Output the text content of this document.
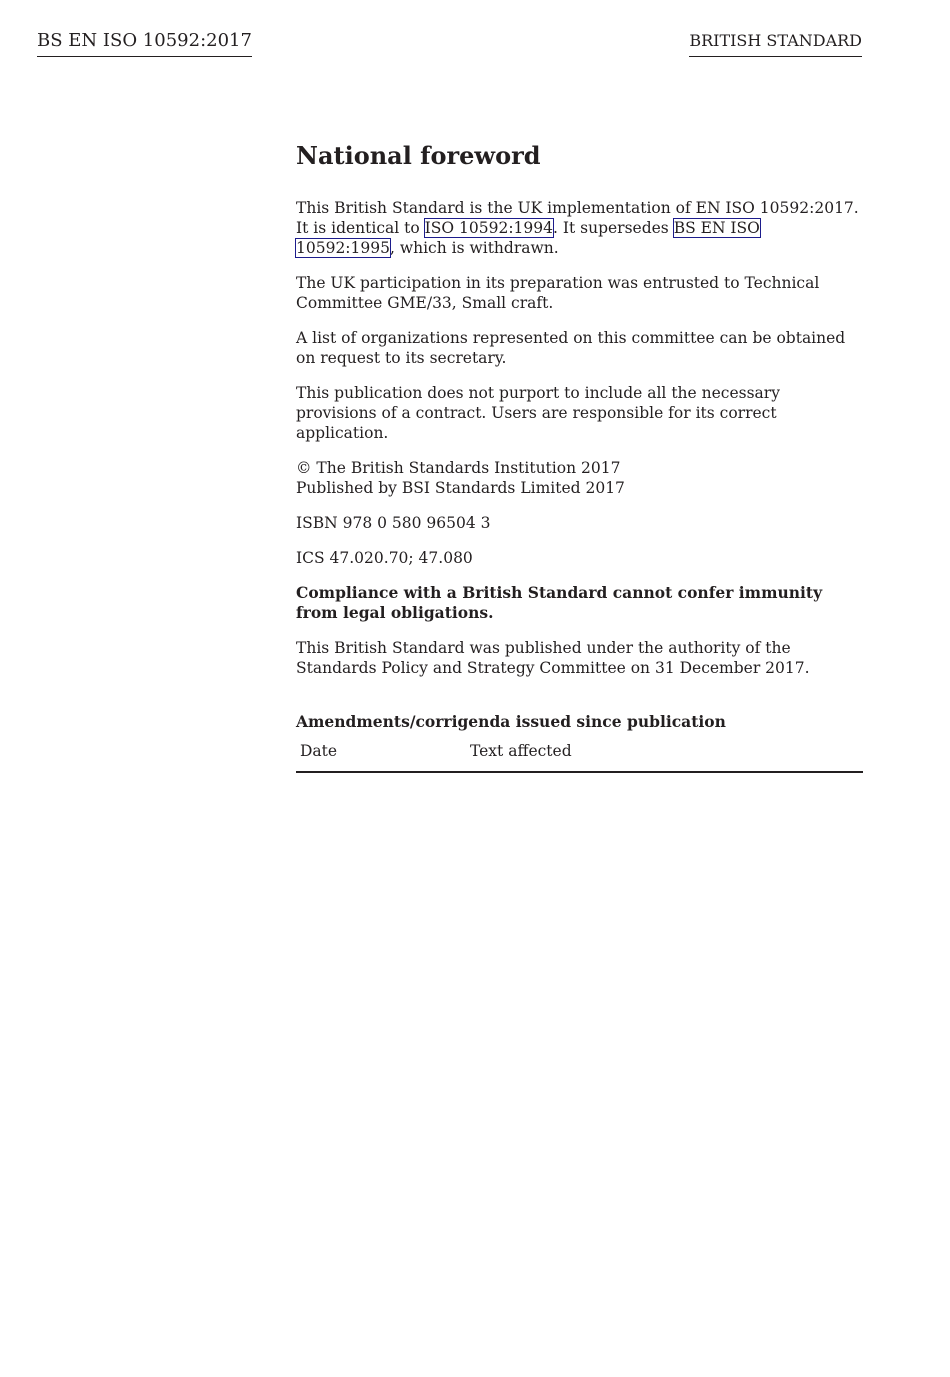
BS EN ISO 10592:2017	BRITISH STANDARD
National foreword

This British Standard is the UK implementation of EN ISO 10592:2017. It is identical to ISO 10592:1994. It supersedes BS EN ISO 10592:1995, which is withdrawn.

The UK participation in its preparation was entrusted to Technical Committee GME/33, Small craft.

A list of organizations represented on this committee can be obtained on request to its secretary.

This publication does not purport to include all the necessary provisions of a contract. Users are responsible for its correct application.

© The British Standards Institution 2017
Published by BSI Standards Limited 2017

ISBN 978 0 580 96504 3

ICS 47.020.70; 47.080

Compliance with a British Standard cannot confer immunity from legal obligations.

This British Standard was published under the authority of the Standards Policy and Strategy Committee on 31 December 2017.

Amendments/corrigenda issued since publication
Date	Text affected
